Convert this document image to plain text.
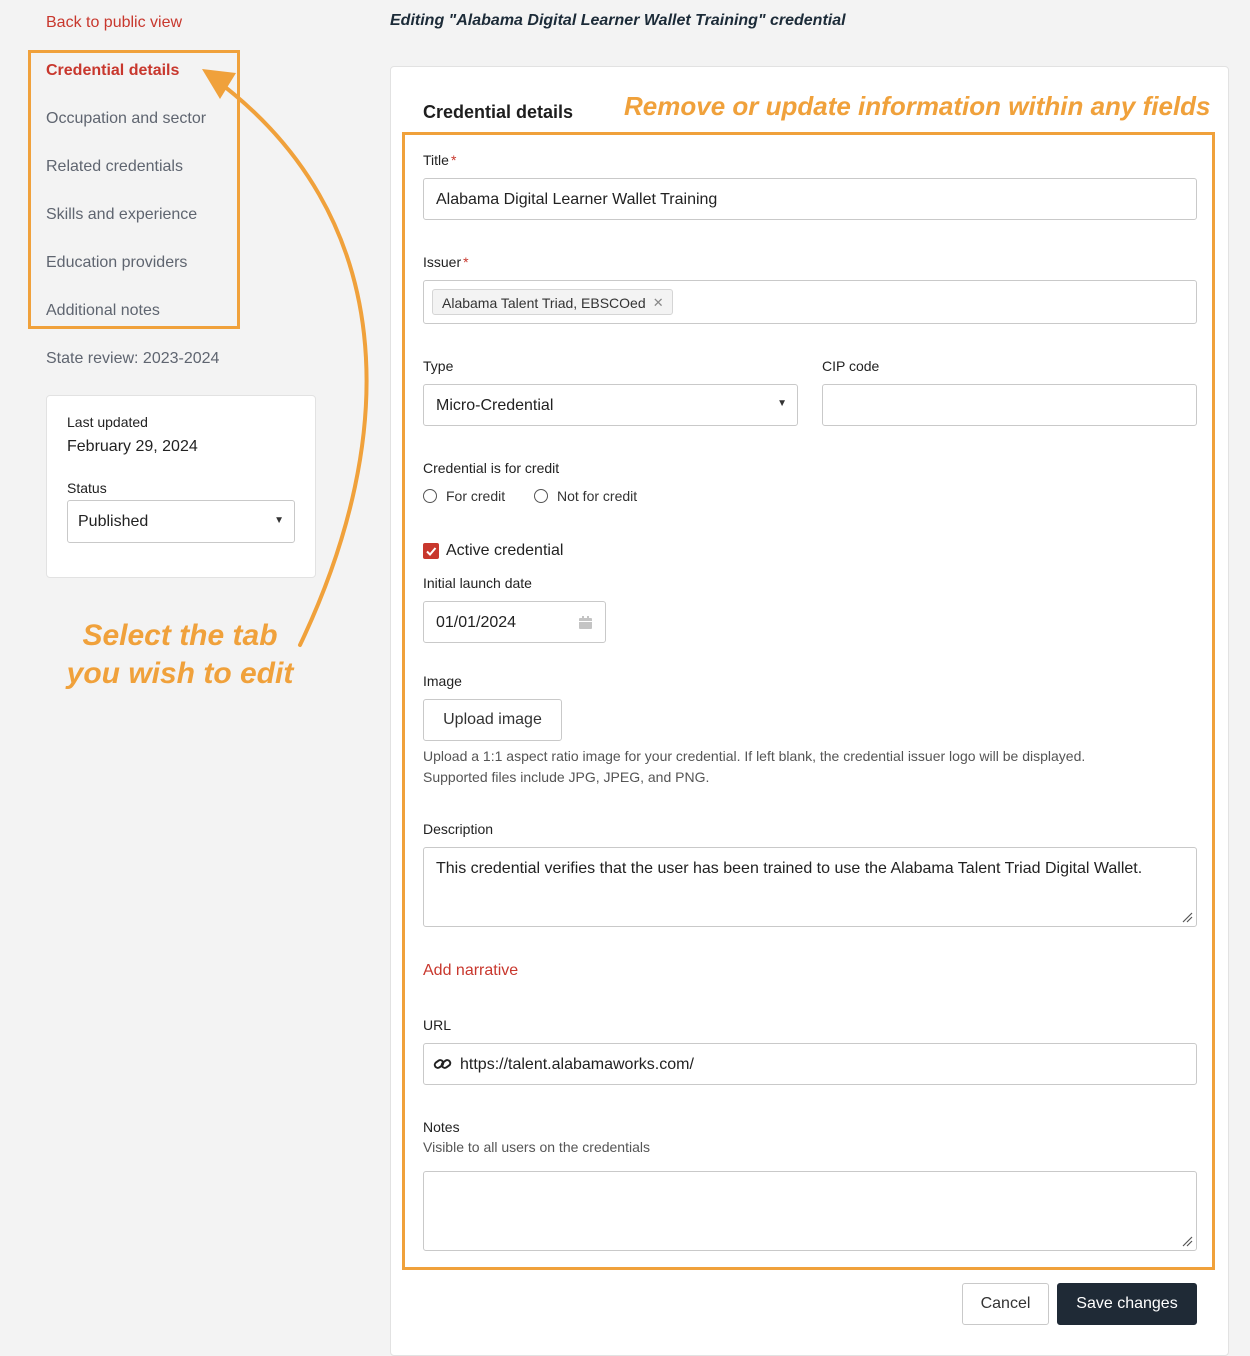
Back to public view
Credential details
Occupation and sector
Related credentials
Skills and experience
Education providers
Additional notes
State review: 2023-2024
Last updated
February 29, 2024
Status
Published	▼
Select the tab
you wish to edit
Editing "Alabama Digital Learner Wallet Training" credential
Credential details Remove or update information within any fields
Title *
Alabama Digital Learner Wallet Training
Issuer *
Alabama Talent Triad, EBSCOed ✕
Type
Micro-Credential	▼
CIP code
Credential is for credit
For credit	Not for credit
Active credential
Initial launch date
01/01/2024
Image
Upload image
Upload a 1:1 aspect ratio image for your credential. If left blank, the credential issuer logo will be displayed.
Supported files include JPG, JPEG, and PNG.
Description
This credential verifies that the user has been trained to use the Alabama Talent Triad Digital Wallet.
Add narrative
URL
https://talent.alabamaworks.com/
Notes
Visible to all users on the credentials
Cancel	Save changes
